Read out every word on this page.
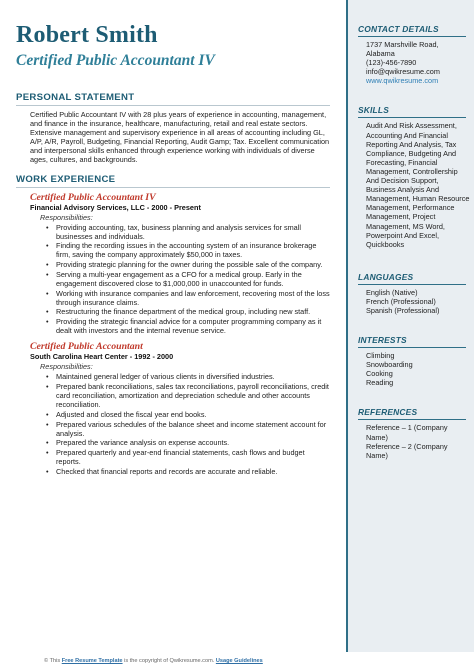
Robert Smith
Certified Public Accountant IV
PERSONAL STATEMENT
Certified Public Accountant IV with 28 plus years of experience in accounting, management, and finance in the insurance, healthcare, manufacturing, retail and real estate sectors. Extensive management and supervisory experience in all areas of accounting including GL, A/P, A/R, Payroll, Budgeting, Financial Reporting, Audit Gamp; Tax. Excellent communication and interpersonal skills enhanced through experience working with individuals of diverse ages, cultures, and backgrounds.
WORK EXPERIENCE
Certified Public Accountant IV
Financial Advisory Services, LLC - 2000 - Present
Responsibilities:
• Providing accounting, tax, business planning and analysis services for small businesses and individuals.
• Finding the recording issues in the accounting system of an insurance brokerage firm, saving the company approximately $50,000 in taxes.
• Providing strategic planning for the owner during the possible sale of the company.
• Serving a multi-year engagement as a CFO for a medical group. Early in the engagement discovered close to $1,000,000 in unaccounted for funds.
• Working with insurance companies and law enforcement, recovering most of the loss through insurance claims.
• Restructuring the finance department of the medical group, including new staff.
• Providing the strategic financial advice for a computer programming company as it dealt with investors and the internal revenue service.
Certified Public Accountant
South Carolina Heart Center - 1992 - 2000
Responsibilities:
• Maintained general ledger of various clients in diversified industries.
• Prepared bank reconciliations, sales tax reconciliations, payroll reconciliations, credit card reconciliation, amortization and depreciation schedule and other accounts reconciliation.
• Adjusted and closed the fiscal year end books.
• Prepared various schedules of the balance sheet and income statement account for analysis.
• Prepared the variance analysis on expense accounts.
• Prepared quarterly and year-end financial statements, cash flows and budget reports.
• Checked that financial reports and records are accurate and reliable.
CONTACT DETAILS
1737 Marshville Road,
Alabama
(123)-456-7890
info@qwikresume.com
www.qwikresume.com
SKILLS
Audit And Risk Assessment, Accounting And Financial Reporting And Analysis, Tax Compliance, Budgeting And Forecasting, Financial Management, Controllership And Decision Support, Business Analysis And Management, Human Resource Management, Performance Management, Project Management, MS Word, Powerpoint And Excel, Quickbooks
LANGUAGES
English (Native)
French (Professional)
Spanish (Professional)
INTERESTS
Climbing
Snowboarding
Cooking
Reading
REFERENCES
Reference – 1 (Company Name)
Reference – 2 (Company Name)
© This Free Resume Template is the copyright of Qwikresume.com. Usage Guidelines
